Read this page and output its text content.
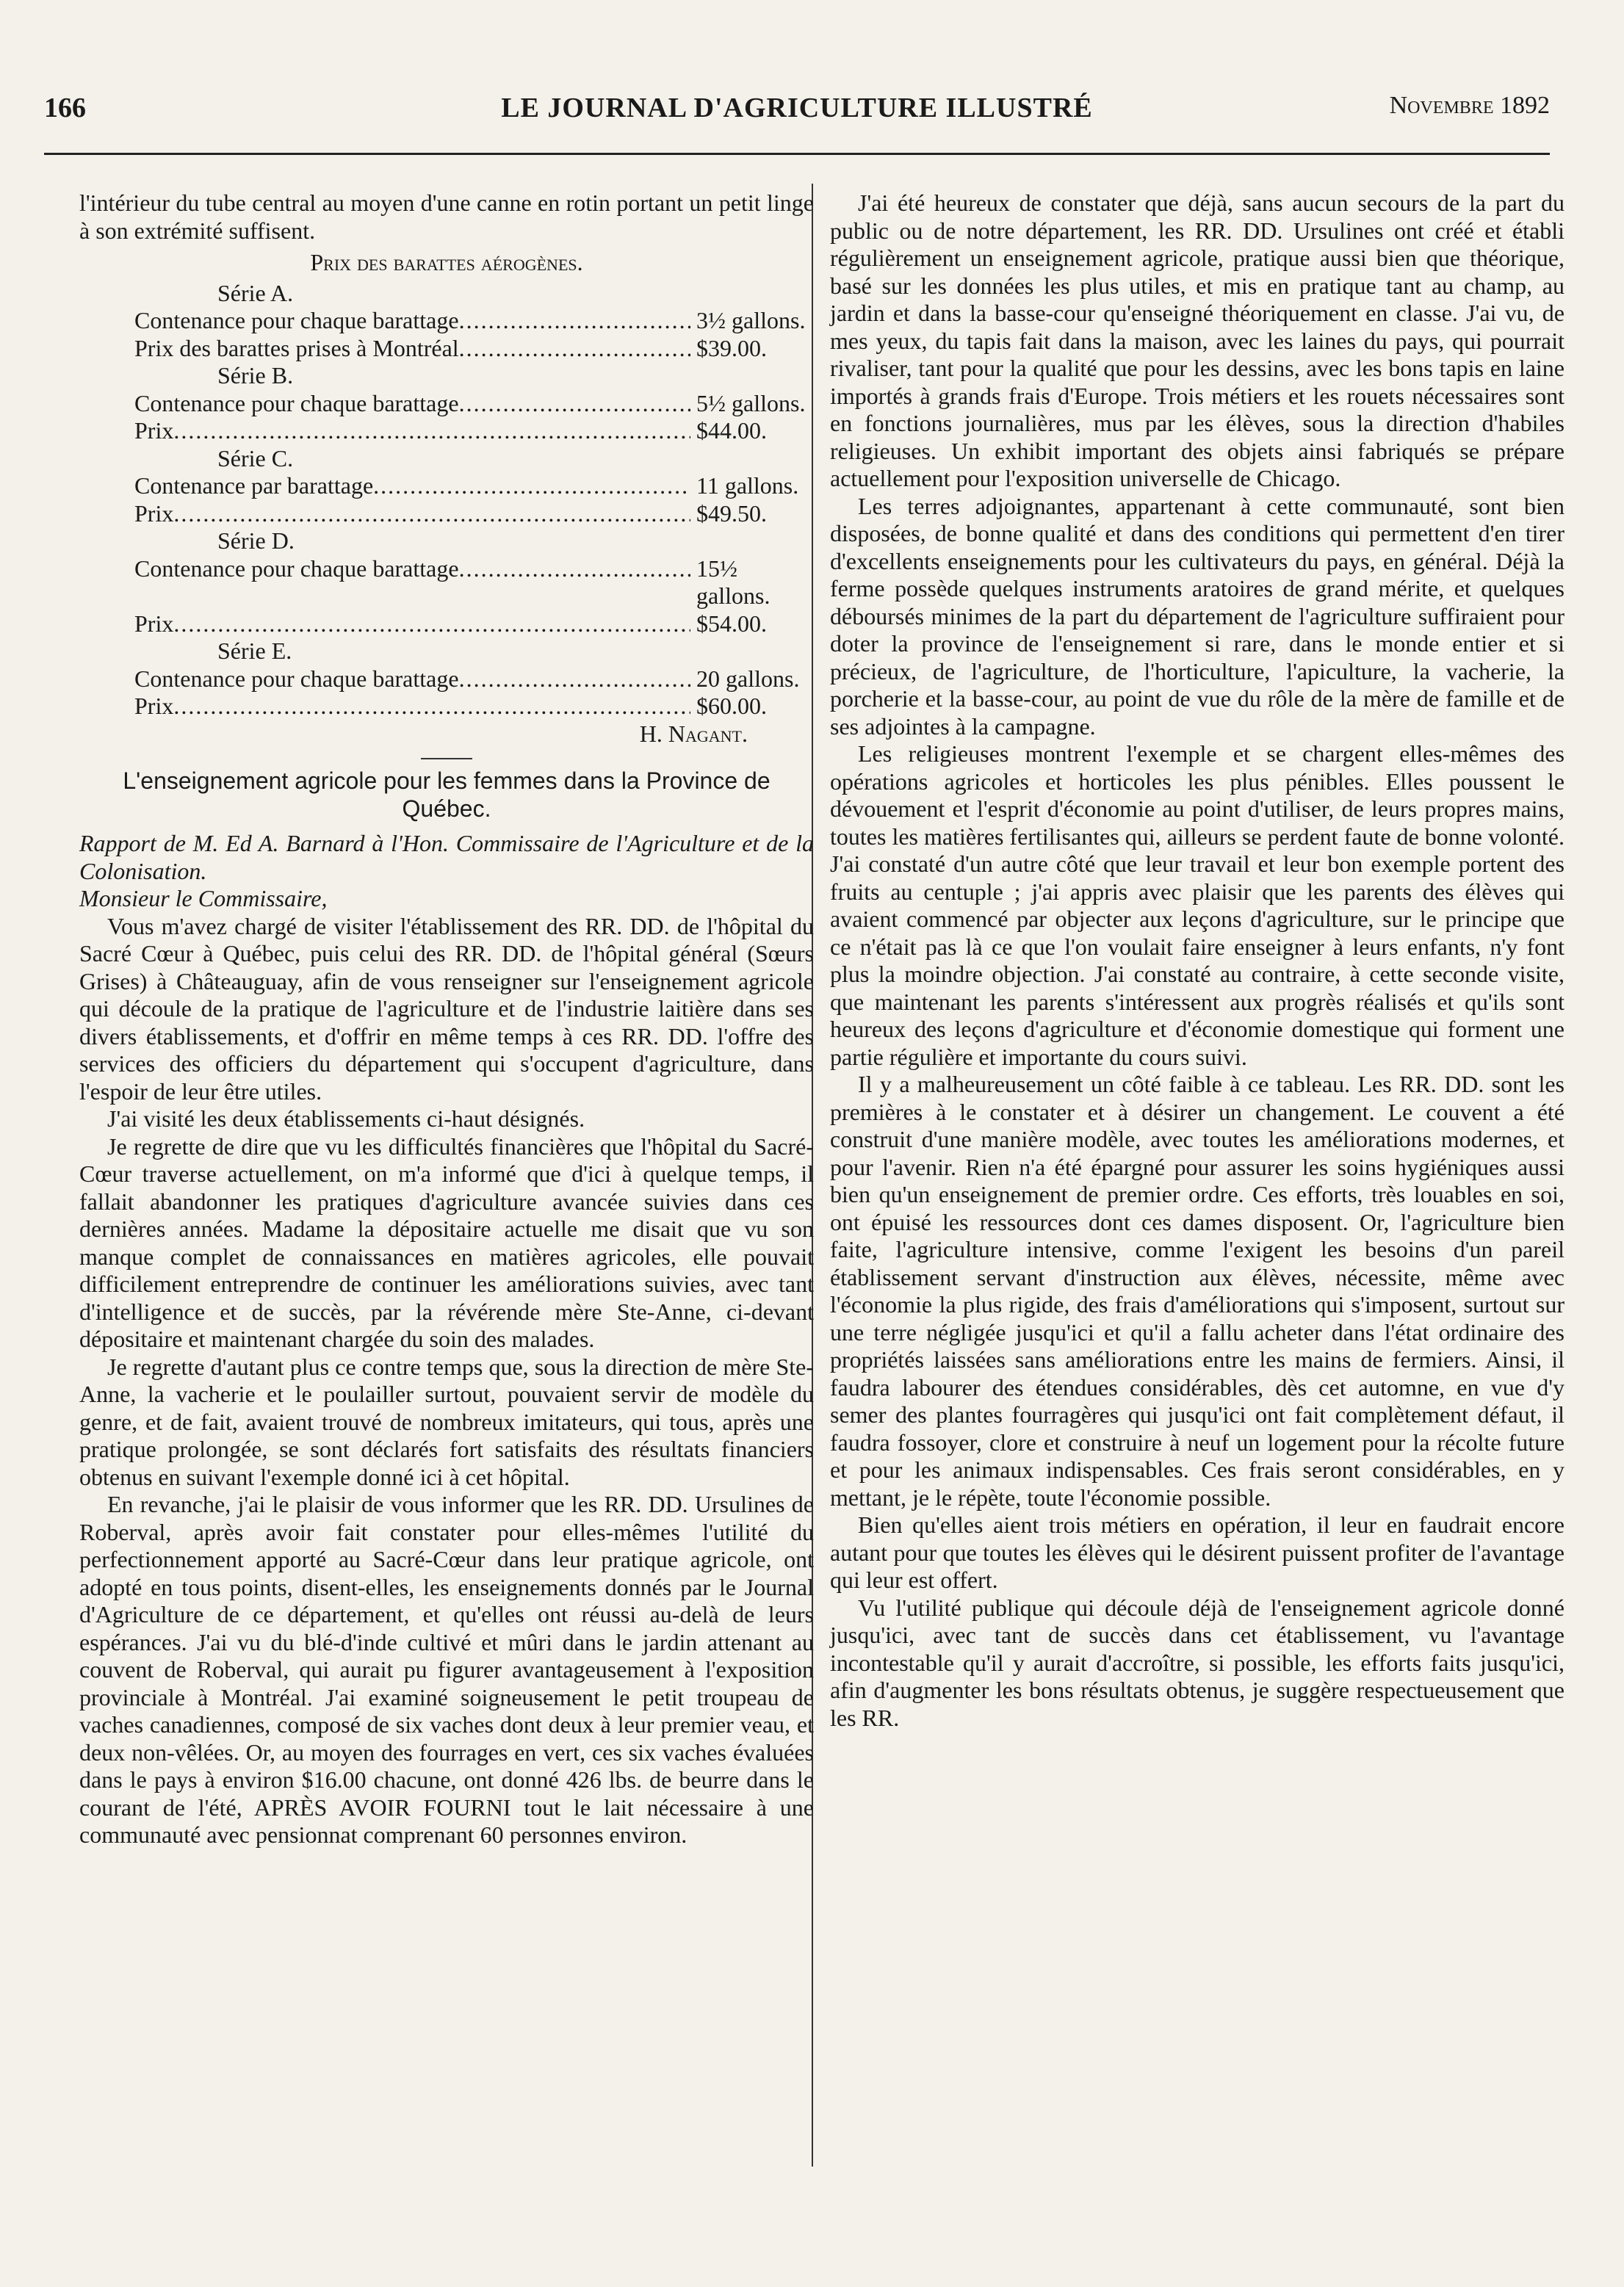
LE JOURNAL D'AGRICULTURE ILLUSTRÉ
166	Novembre 1892

l'intérieur du tube central au moyen d'une canne en rotin portant un petit linge à son extrémité suffisent.

Prix des barattes aérogènes.

Série A.

Contenance pour chaque barattage .....	3½ gallons.
Prix des barattes prises à Montréal .....	$39.00.

Série B.

Contenance pour chaque barattage .....	5½ gallons.
Prix .....	$44.00.

Série C.

Contenance par barattage .....	11 gallons.
Prix .....	$49.50.

Série D.

Contenance pour chaque barattage .....	15½ gallons.
Prix .....	$54.00.

Série E.

Contenance pour chaque barattage .....	20 gallons.
Prix .....	$60.00.

H. Nagant.

L'enseignement agricole pour les femmes dans la Province de Québec.

Rapport de M. Ed A. Barnard à l'Hon. Commissaire de l'Agriculture et de la Colonisation.

Monsieur le Commissaire,

Vous m'avez chargé de visiter l'établissement des RR. DD. de l'hôpital du Sacré Cœur à Québec, puis celui des RR. DD. de l'hôpital général (Sœurs Grises) à Châteauguay, afin de vous renseigner sur l'enseignement agricole qui découle de la pratique de l'agriculture et de l'industrie laitière dans ses divers établissements, et d'offrir en même temps à ces RR. DD. l'offre des services des officiers du département qui s'occupent d'agriculture, dans l'espoir de leur être utiles.

J'ai visité les deux établissements ci-haut désignés.

Je regrette de dire que vu les difficultés financières que l'hôpital du Sacré-Cœur traverse actuellement, on m'a informé que d'ici à quelque temps, il fallait abandonner les pratiques d'agriculture avancée suivies dans ces dernières années. Madame la dépositaire actuelle me disait que vu son manque complet de connaissances en matières agricoles, elle pouvait difficilement entreprendre de continuer les améliorations suivies, avec tant d'intelligence et de succès, par la révérende mère Ste-Anne, ci-devant dépositaire et maintenant chargée du soin des malades.

Je regrette d'autant plus ce contre temps que, sous la direction de mère Ste-Anne, la vacherie et le poulailler surtout, pouvaient servir de modèle du genre, et de fait, avaient trouvé de nombreux imitateurs, qui tous, après une pratique prolongée, se sont déclarés fort satisfaits des résultats financiers obtenus en suivant l'exemple donné ici à cet hôpital.

En revanche, j'ai le plaisir de vous informer que les RR. DD. Ursulines de Roberval, après avoir fait constater pour elles-mêmes l'utilité du perfectionnement apporté au Sacré-Cœur dans leur pratique agricole, ont adopté en tous points, disent-elles, les enseignements donnés par le Journal d'Agriculture de ce département, et qu'elles ont réussi au-delà de leurs espérances. J'ai vu du blé-d'inde cultivé et mûri dans le jardin attenant au couvent de Roberval, qui aurait pu figurer avantageusement à l'exposition provinciale à Montréal. J'ai examiné soigneusement le petit troupeau de vaches canadiennes, composé de six vaches dont deux à leur premier veau, et deux non-vêlées. Or, au moyen des fourrages en vert, ces six vaches évaluées dans le pays à environ $16.00 chacune, ont donné 426 lbs. de beurre dans le courant de l'été, APRÈS AVOIR FOURNI tout le lait nécessaire à une communauté avec pensionnat comprenant 60 personnes environ.

J'ai été heureux de constater que déjà, sans aucun secours de la part du public ou de notre département, les RR. DD. Ursulines ont créé et établi régulièrement un enseignement agricole, pratique aussi bien que théorique, basé sur les données les plus utiles, et mis en pratique tant au champ, au jardin et dans la basse-cour qu'enseigné théoriquement en classe. J'ai vu, de mes yeux, du tapis fait dans la maison, avec les laines du pays, qui pourrait rivaliser, tant pour la qualité que pour les dessins, avec les bons tapis en laine importés à grands frais d'Europe. Trois métiers et les rouets nécessaires sont en fonctions journalières, mus par les élèves, sous la direction d'habiles religieuses. Un exhibit important des objets ainsi fabriqués se prépare actuellement pour l'exposition universelle de Chicago.

Les terres adjoignantes, appartenant à cette communauté, sont bien disposées, de bonne qualité et dans des conditions qui permettent d'en tirer d'excellents enseignements pour les cultivateurs du pays, en général. Déjà la ferme possède quelques instruments aratoires de grand mérite, et quelques déboursés minimes de la part du département de l'agriculture suffiraient pour doter la province de l'enseignement si rare, dans le monde entier et si précieux, de l'agriculture, de l'horticulture, l'apiculture, la vacherie, la porcherie et la basse-cour, au point de vue du rôle de la mère de famille et de ses adjointes à la campagne.

Les religieuses montrent l'exemple et se chargent elles-mêmes des opérations agricoles et horticoles les plus pénibles. Elles poussent le dévouement et l'esprit d'économie au point d'utiliser, de leurs propres mains, toutes les matières fertilisantes qui, ailleurs se perdent faute de bonne volonté. J'ai constaté d'un autre côté que leur travail et leur bon exemple portent des fruits au centuple ; j'ai appris avec plaisir que les parents des élèves qui avaient commencé par objecter aux leçons d'agriculture, sur le principe que ce n'était pas là ce que l'on voulait faire enseigner à leurs enfants, n'y font plus la moindre objection. J'ai constaté au contraire, à cette seconde visite, que maintenant les parents s'intéressent aux progrès réalisés et qu'ils sont heureux des leçons d'agriculture et d'économie domestique qui forment une partie régulière et importante du cours suivi.

Il y a malheureusement un côté faible à ce tableau. Les RR. DD. sont les premières à le constater et à désirer un changement. Le couvent a été construit d'une manière modèle, avec toutes les améliorations modernes, et pour l'avenir. Rien n'a été épargné pour assurer les soins hygiéniques aussi bien qu'un enseignement de premier ordre. Ces efforts, très louables en soi, ont épuisé les ressources dont ces dames disposent. Or, l'agriculture bien faite, l'agriculture intensive, comme l'exigent les besoins d'un pareil établissement servant d'instruction aux élèves, nécessite, même avec l'économie la plus rigide, des frais d'améliorations qui s'imposent, surtout sur une terre négligée jusqu'ici et qu'il a fallu acheter dans l'état ordinaire des propriétés laissées sans améliorations entre les mains de fermiers. Ainsi, il faudra labourer des étendues considérables, dès cet automne, en vue d'y semer des plantes fourragères qui jusqu'ici ont fait complètement défaut, il faudra fossoyer, clore et construire à neuf un logement pour la récolte future et pour les animaux indispensables. Ces frais seront considérables, en y mettant, je le répète, toute l'économie possible.

Bien qu'elles aient trois métiers en opération, il leur en faudrait encore autant pour que toutes les élèves qui le désirent puissent profiter de l'avantage qui leur est offert.

Vu l'utilité publique qui découle déjà de l'enseignement agricole donné jusqu'ici, avec tant de succès dans cet établissement, vu l'avantage incontestable qu'il y aurait d'accroître, si possible, les efforts faits jusqu'ici, afin d'augmenter les bons résultats obtenus, je suggère respectueusement que les RR.
